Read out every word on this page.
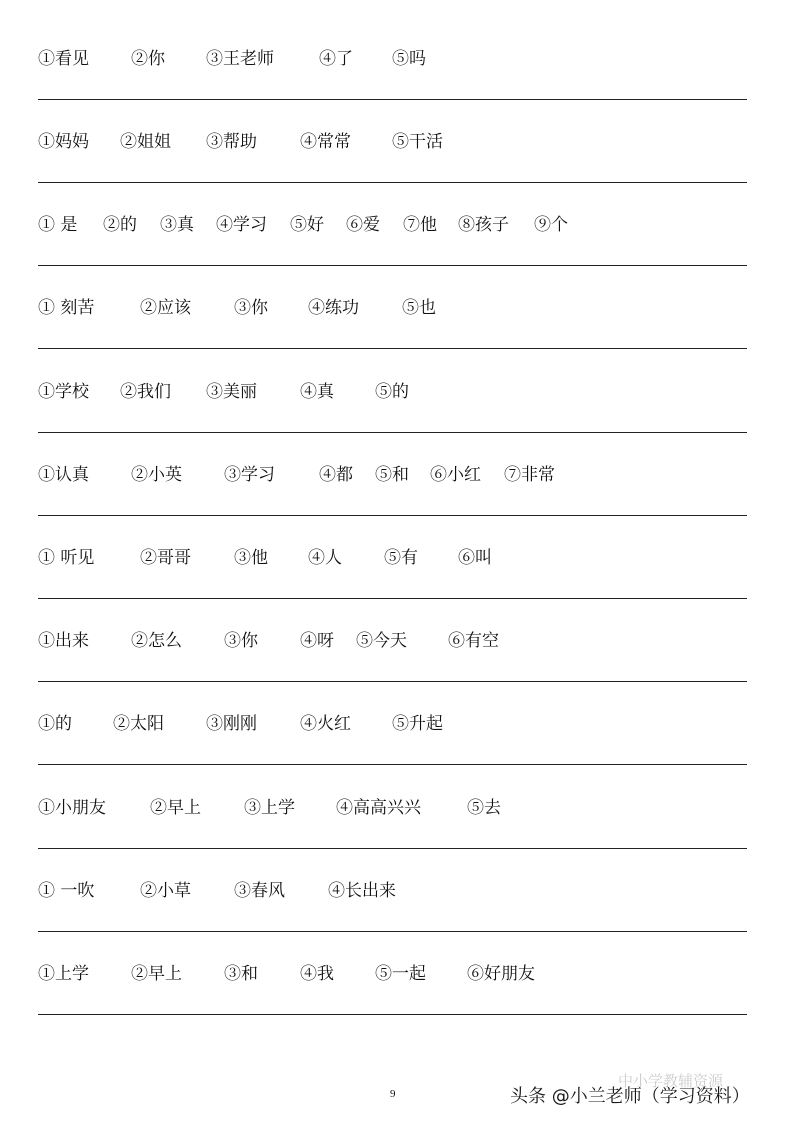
①看见 ②你 ③王老师	④了 ⑤吗
①妈妈 ②姐姐 ③帮助	④常常 ⑤干活
① 是 ②的 ③真 ④学习 ⑤好 ⑥爱 ⑦他 ⑧孩子 ⑨个
① 刻苦	②应该	③你 ④练功	⑤也
①学校 ②我们 ③美丽	④真 ⑤的
①认真 ②小英 ③学习	④都 ⑤和 ⑥小红 ⑦非常
① 听见	②哥哥	③他 ④人 ⑤有 ⑥叫
①出来 ②怎么 ③你 ④呀 ⑤今天 ⑥有空
①的 ②太阳 ③刚刚	④火红 ⑤升起
①小朋友	②早上	③上学 ④高高兴兴	⑤去
① 一吹	②小草	③春风	④长出来
①上学 ②早上 ③和 ④我 ⑤一起 ⑥好朋友
中小学教辅资源
9	头条 @小兰老师（学习资料）
